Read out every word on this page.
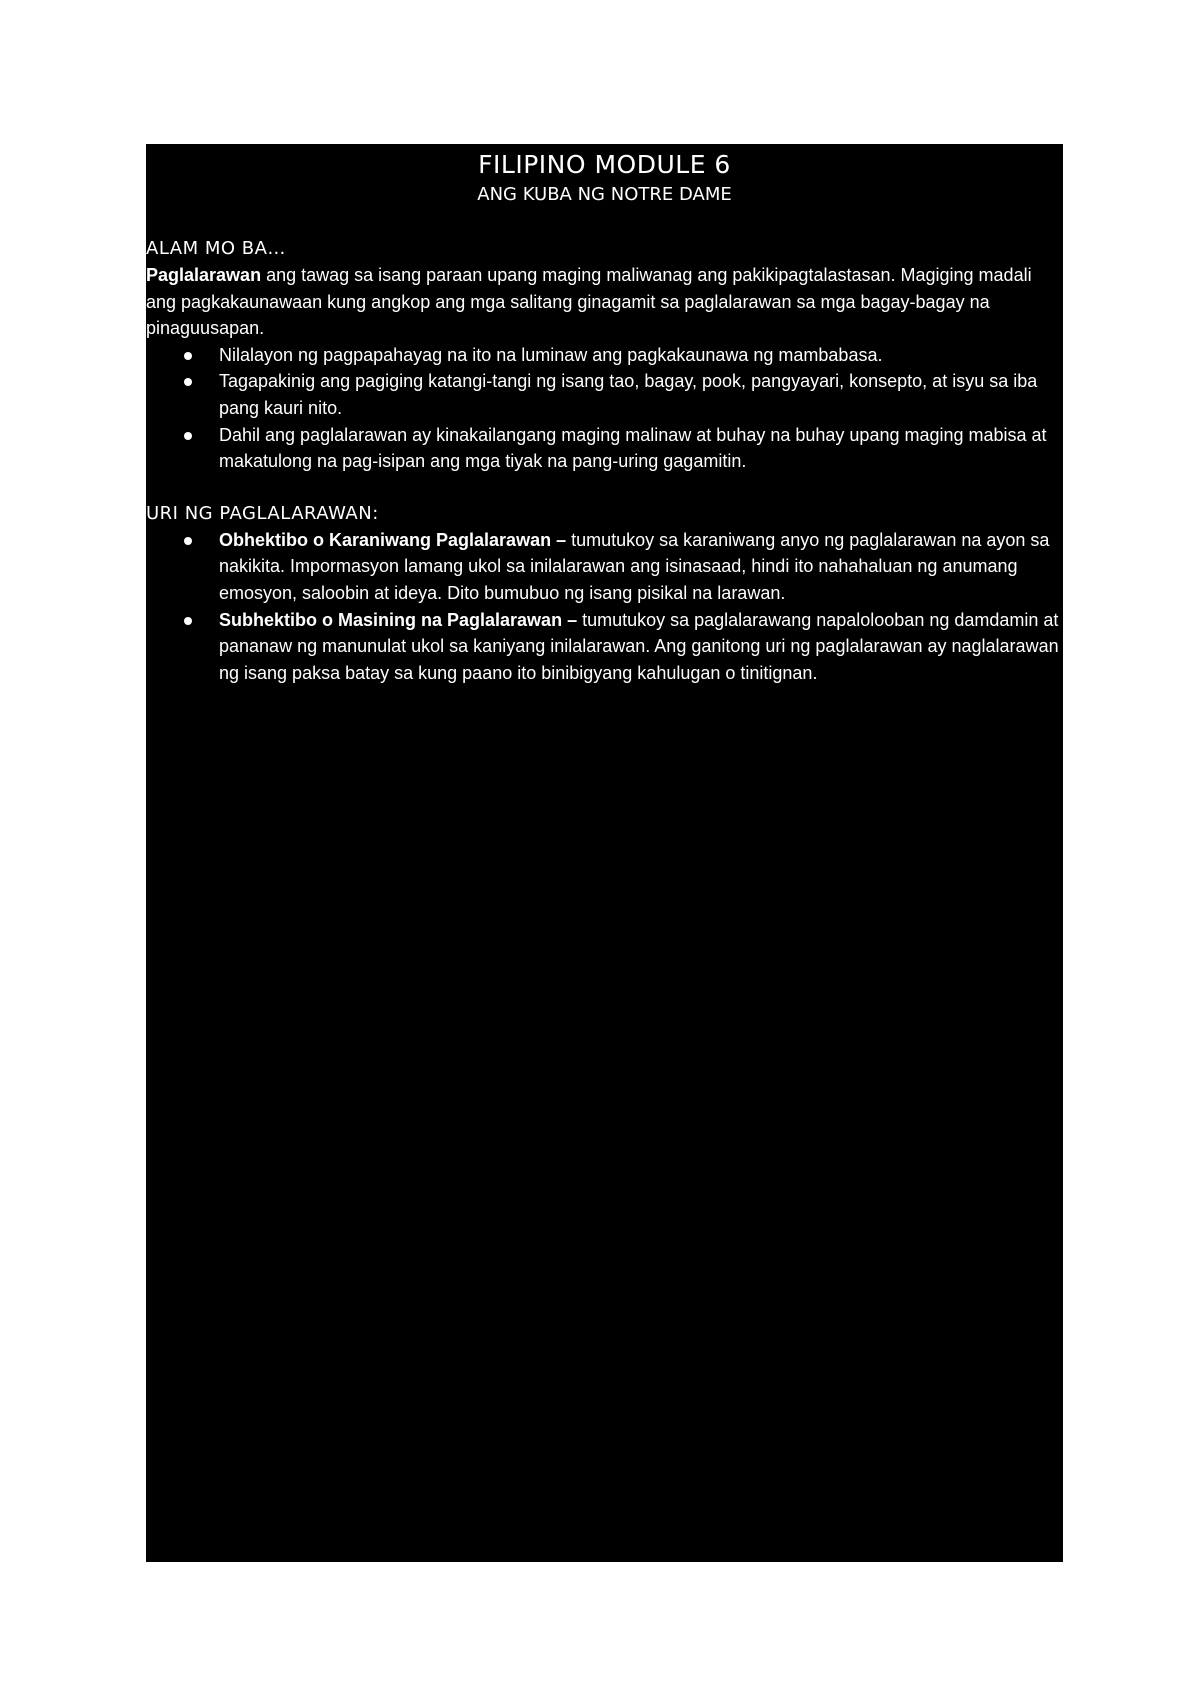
FILIPINO MODULE 6
ANG KUBA NG NOTRE DAME
ALAM MO BA…

Paglalarawan ang tawag sa isang paraan upang maging maliwanag ang pakikipagtalastasan. Magiging madali ang pagkakaunawaan kung angkop ang mga salitang ginagamit sa paglalarawan sa mga bagay-bagay na pinaguusapan.

Nilalayon ng pagpapahayag na ito na luminaw ang pagkakaunawa ng mambabasa.
Tagapakinig ang pagiging katangi-tangi ng isang tao, bagay, pook, pangyayari, konsepto, at isyu sa iba pang kauri nito.
Dahil ang paglalarawan ay kinakailangang maging malinaw at buhay na buhay upang maging mabisa at makatulong na pag-isipan ang mga tiyak na pang-uring gagamitin.
URI NG PAGLALARAWAN:
Obhektibo o Karaniwang Paglalarawan – tumutukoy sa karaniwang anyo ng paglalarawan na ayon sa nakikita. Impormasyon lamang ukol sa inilalarawan ang isinasaad, hindi ito nahahaluan ng anumang emosyon, saloobin at ideya. Dito bumubuo ng isang pisikal na larawan.
Subhektibo o Masining na Paglalarawan – tumutukoy sa paglalarawang napalolooban ng damdamin at pananaw ng manunulat ukol sa kaniyang inilalarawan. Ang ganitong uri ng paglalarawan ay naglalarawan ng isang paksa batay sa kung paano ito binibigyang kahulugan o tinitignan.
